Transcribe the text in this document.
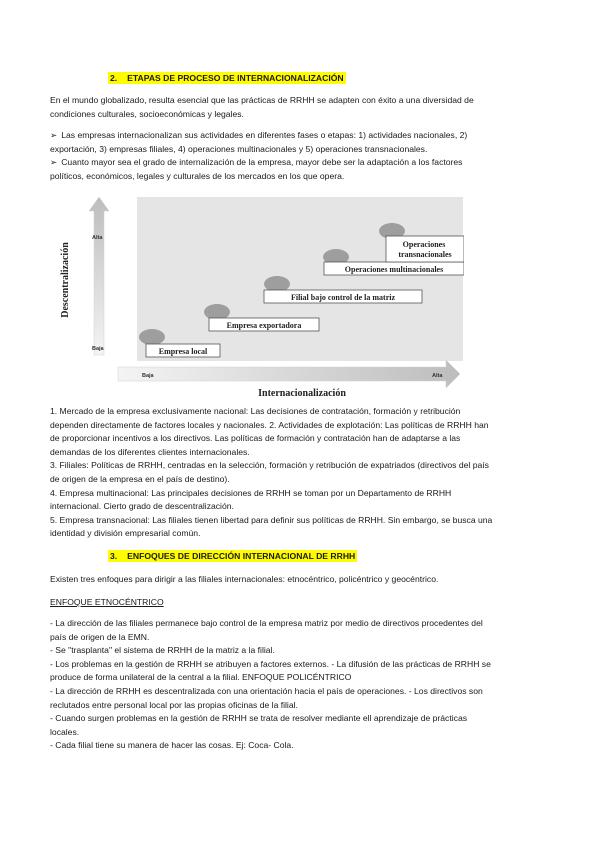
2. ETAPAS DE PROCESO DE INTERNACIONALIZACIÓN
En el mundo globalizado, resulta esencial que las prácticas de RRHH se adapten con éxito a una diversidad de
condiciones culturales, socioeconómicas y legales.
➢ Las empresas internacionalizan sus actividades en diferentes fases o etapas: 1) actividades nacionales, 2)
exportación, 3) empresas filiales, 4) operaciones multinacionales y 5) operaciones transnacionales.
➢ Cuanto mayor sea el grado de internalización de la empresa, mayor debe ser la adaptación a los factores
políticos, económicos, legales y culturales de los mercados en los que opera.
Descentralización
Alta
Baja
Baja	Alta
Internacionalización
Empresa local
Empresa exportadora
Filial bajo control de la matriz
Operaciones multinacionales
Operaciones transnacionales
1. Mercado de la empresa exclusivamente nacional: Las decisiones de contratación, formación y retribución
dependen directamente de factores locales y nacionales. 2. Actividades de explotación: Las políticas de RRHH han
de proporcionar incentivos a los directivos. Las políticas de formación y contratación han de adaptarse a las
demandas de los diferentes clientes internacionales.
3. Filiales: Políticas de RRHH, centradas en la selección, formación y retribución de expatriados (directivos del país
de origen de la empresa en el país de destino).
4. Empresa multinacional: Las principales decisiones de RRHH se toman por un Departamento de RRHH
internacional. Cierto grado de descentralización.
5. Empresa transnacional: Las filiales tienen libertad para definir sus políticas de RRHH. Sin embargo, se busca una
identidad y división empresarial común.
3. ENFOQUES DE DIRECCIÓN INTERNACIONAL DE RRHH
Existen tres enfoques para dirigir a las filiales internacionales: etnocéntrico, policéntrico y geocéntrico.
ENFOQUE ETNOCÉNTRICO
- La dirección de las filiales permanece bajo control de la empresa matriz por medio de directivos procedentes del
país de origen de la EMN.
- Se "trasplanta" el sistema de RRHH de la matriz a la filial.
- Los problemas en la gestión de RRHH se atribuyen a factores externos. - La difusión de las prácticas de RRHH se
produce de forma unilateral de la central a la filial. ENFOQUE POLICÉNTRICO
- La dirección de RRHH es descentralizada con una orientación hacia el país de operaciones. - Los directivos son
reclutados entre personal local por las propias oficinas de la filial.
- Cuando surgen problemas en la gestión de RRHH se trata de resolver mediante ell aprendizaje de prácticas
locales.
- Cada filial tiene su manera de hacer las cosas. Ej: Coca- Cola.
